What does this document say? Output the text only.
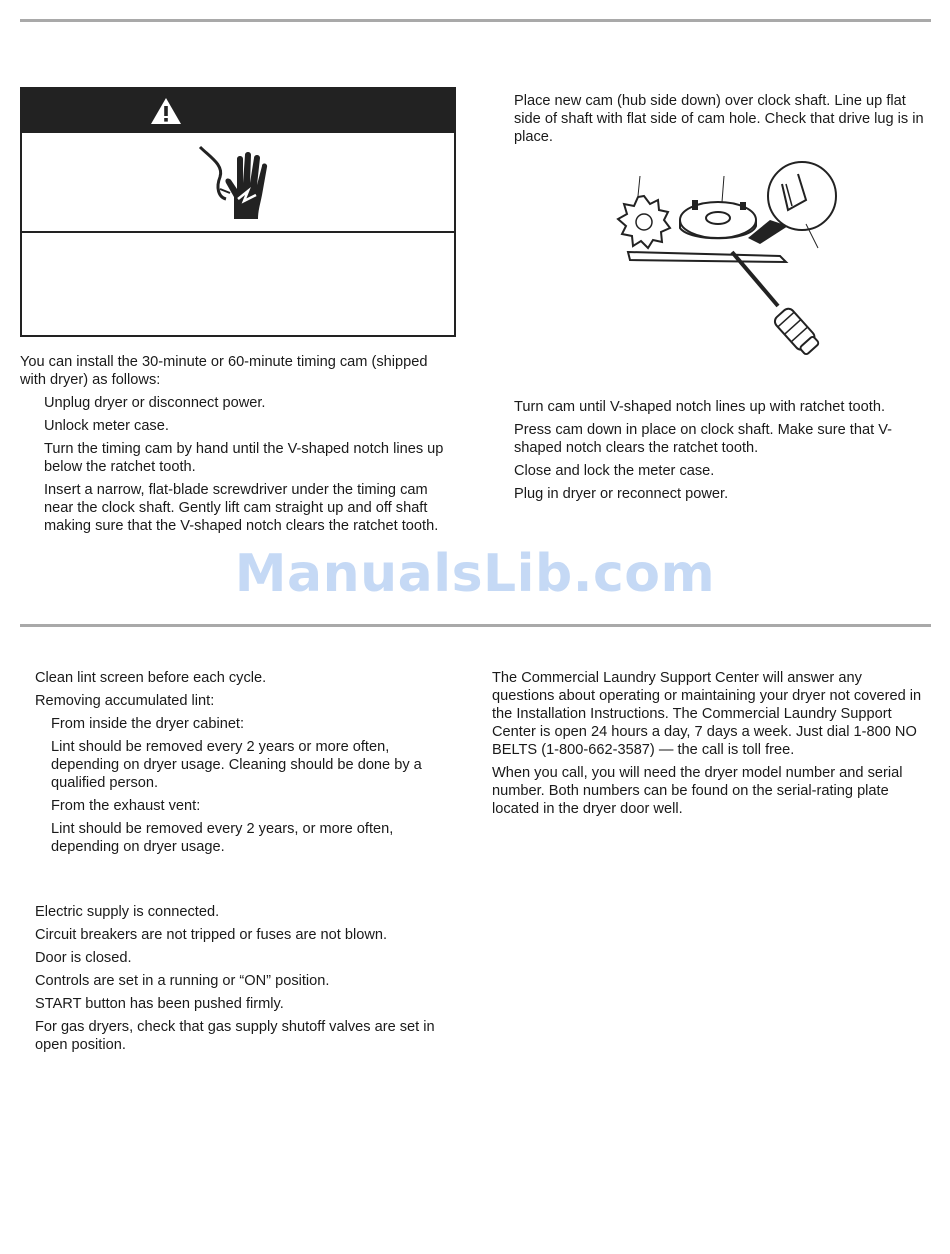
You can install the 30-minute or 60-minute timing cam (shipped with dryer) as follows:

Unplug dryer or disconnect power.

Unlock meter case.

Turn the timing cam by hand until the V-shaped notch lines up below the ratchet tooth.

Insert a narrow, flat-blade screwdriver under the timing cam near the clock shaft. Gently lift cam straight up and off shaft making sure that the V-shaped notch clears the ratchet tooth.

Place new cam (hub side down) over clock shaft. Line up flat side of shaft with flat side of cam hole. Check that drive lug is in place.

Turn cam until V-shaped notch lines up with ratchet tooth.

Press cam down in place on clock shaft. Make sure that V-shaped notch clears the ratchet tooth.

Close and lock the meter case.

Plug in dryer or reconnect power.

ManualsLib.com

Clean lint screen before each cycle.

Removing accumulated lint:

From inside the dryer cabinet:

Lint should be removed every 2 years or more often, depending on dryer usage. Cleaning should be done by a qualified person.

From the exhaust vent:

Lint should be removed every 2 years, or more often, depending on dryer usage.

Electric supply is connected.

Circuit breakers are not tripped or fuses are not blown.

Door is closed.

Controls are set in a running or “ON” position.

START button has been pushed firmly.

For gas dryers, check that gas supply shutoff valves are set in open position.

The Commercial Laundry Support Center will answer any questions about operating or maintaining your dryer not covered in the Installation Instructions. The Commercial Laundry Support Center is open 24 hours a day, 7 days a week. Just dial 1-800 NO BELTS (1-800-662-3587) — the call is toll free.

When you call, you will need the dryer model number and serial number. Both numbers can be found on the serial-rating plate located in the dryer door well.
